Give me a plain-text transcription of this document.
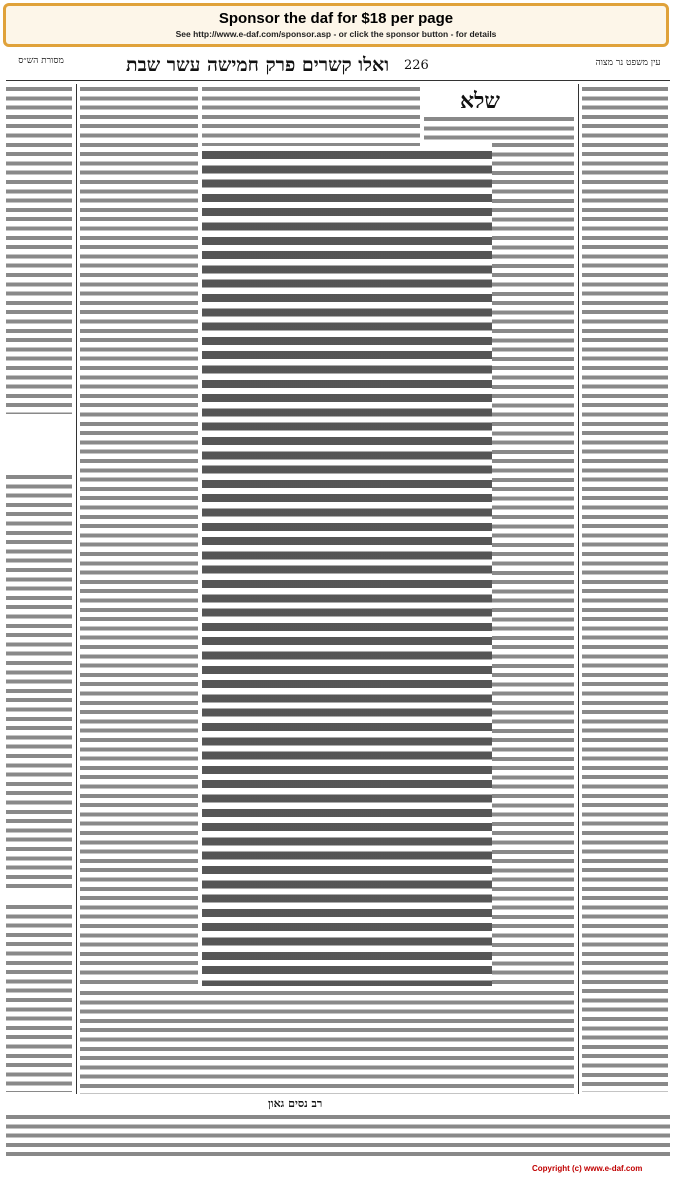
Sponsor the daf for $18 per page
See http://www.e-daf.com/sponsor.asp - or click the sponsor button - for details
מסורת הש״ס	ואלו קשרים פרק חמישה עשר שבת 226	עין משפט נר מצוה
שלא
רב נסים גאון
Copyright (c) www.e-daf.com
